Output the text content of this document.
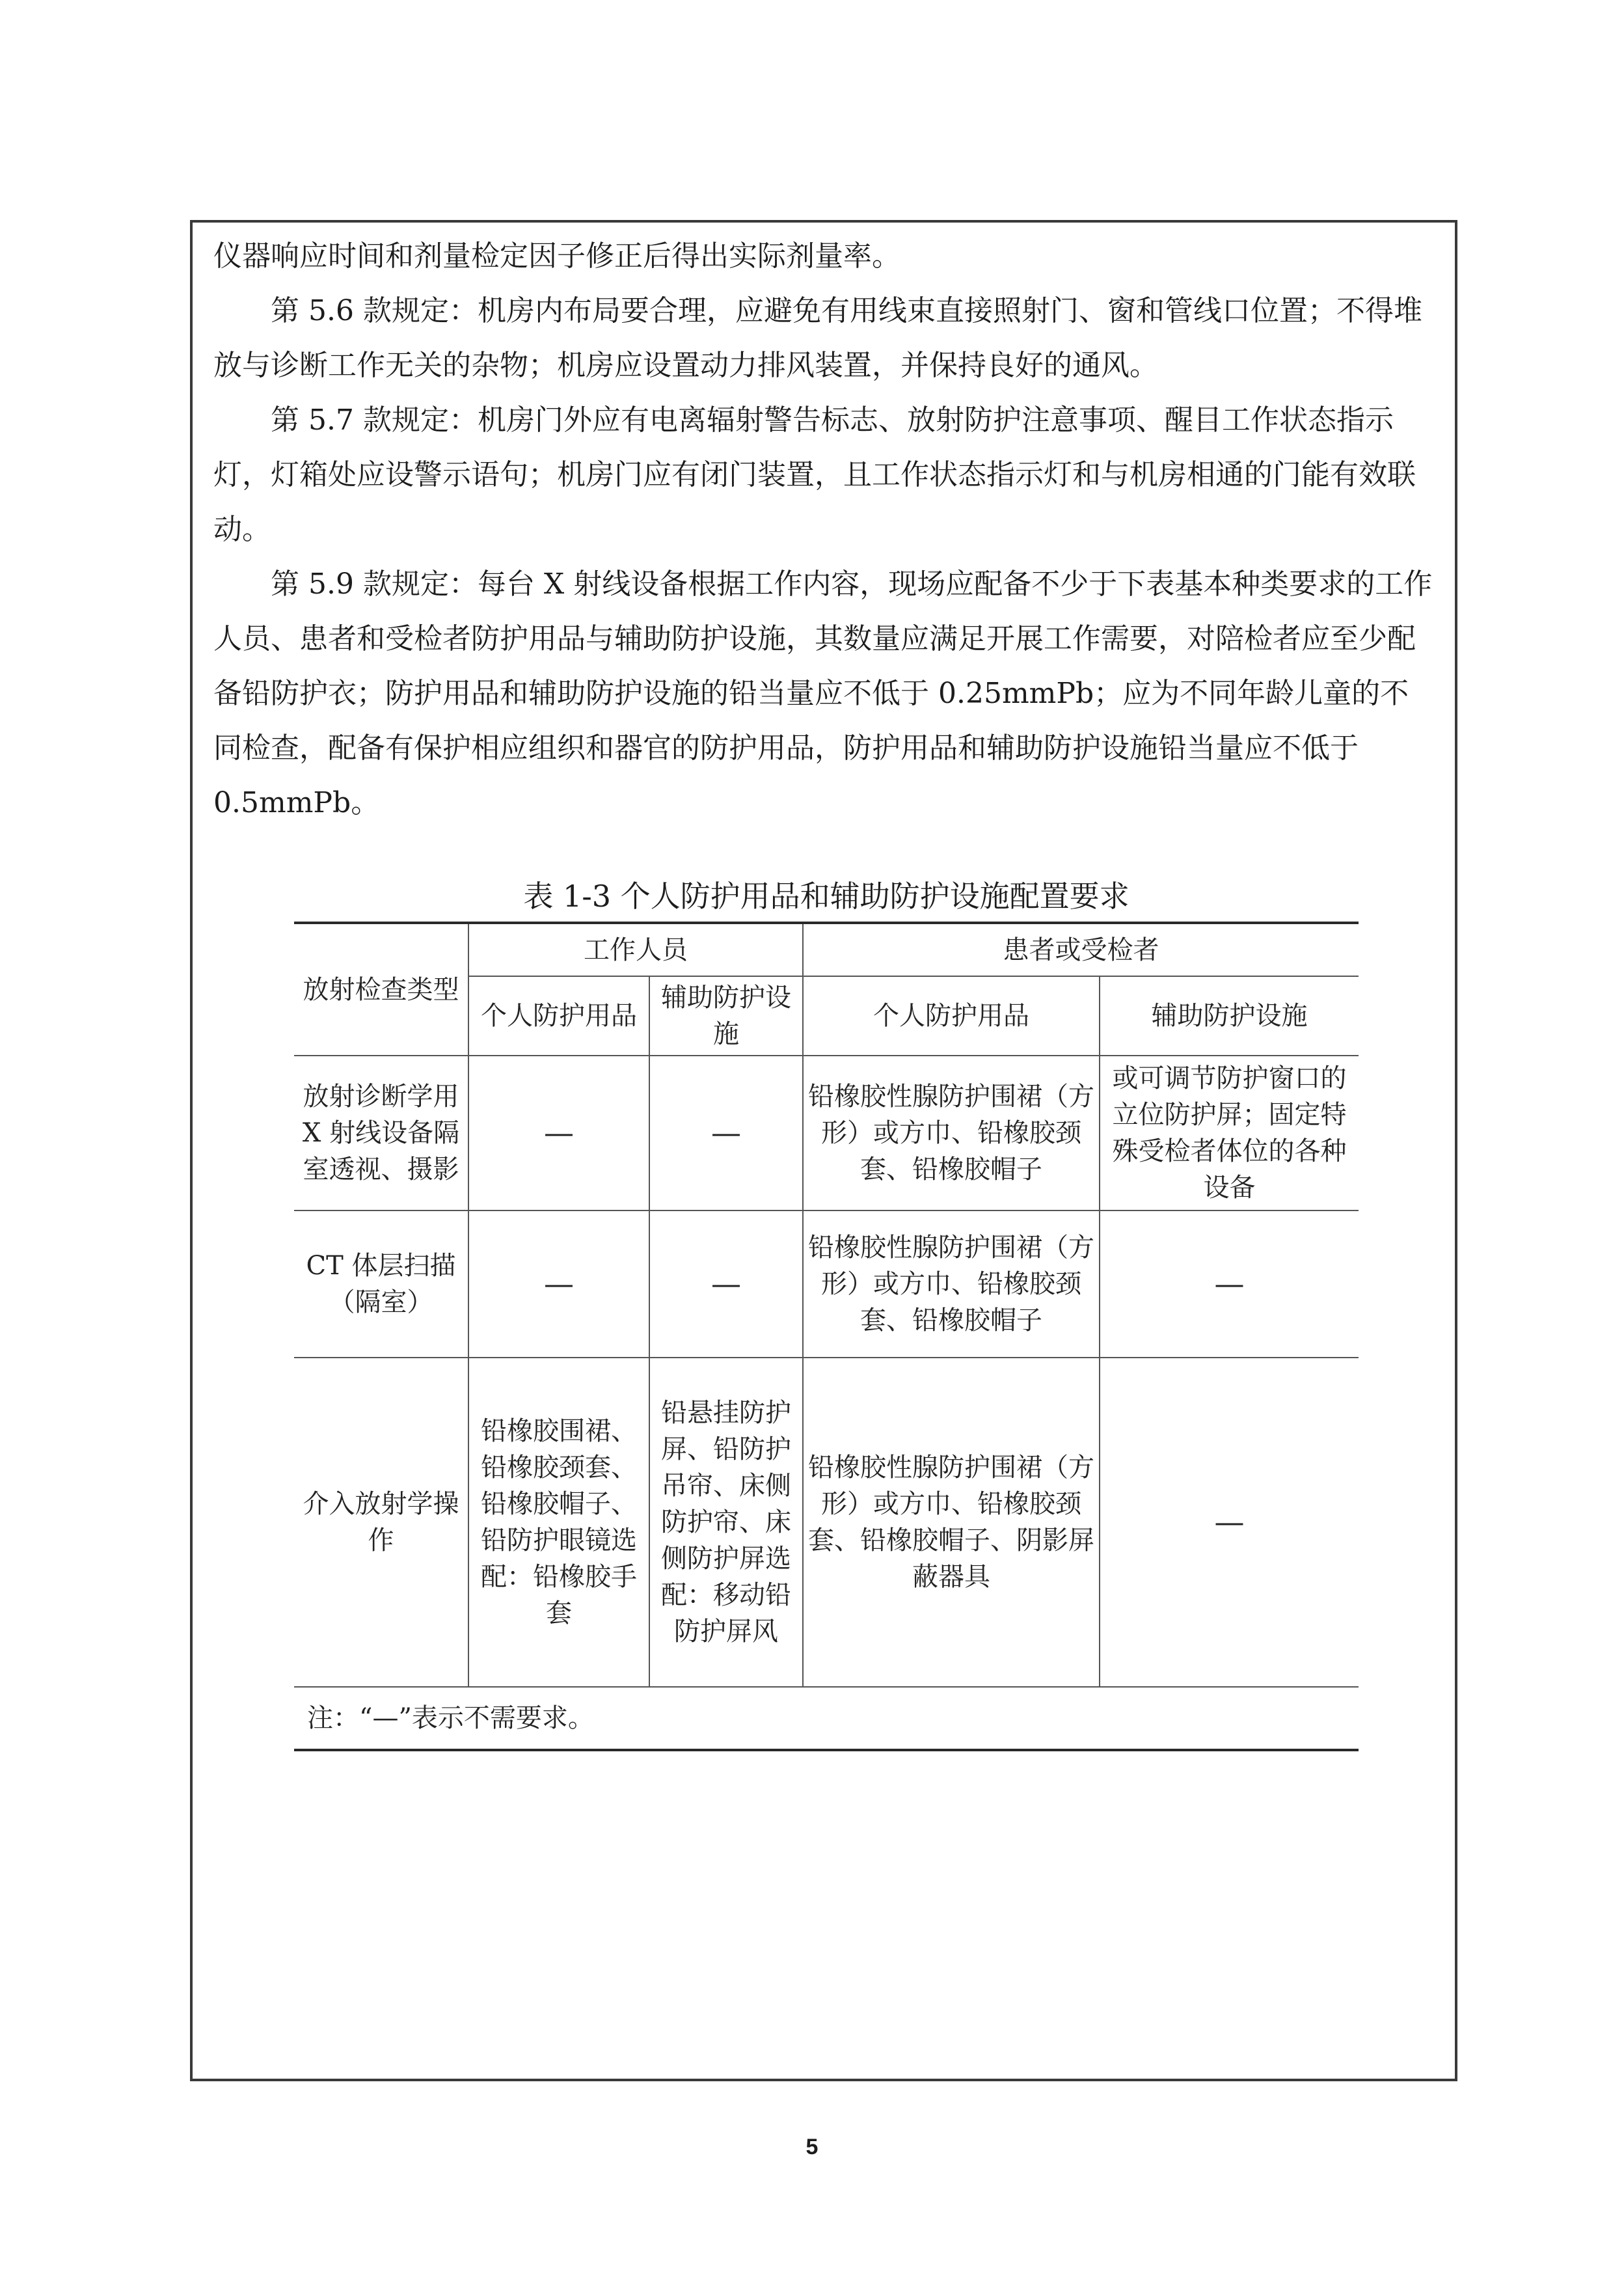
仪器响应时间和剂量检定因子修正后得出实际剂量率。

第 5.6 款规定：机房内布局要合理，应避免有用线束直接照射门、窗和管线口位置；不得堆放与诊断工作无关的杂物；机房应设置动力排风装置，并保持良好的通风。

第 5.7 款规定：机房门外应有电离辐射警告标志、放射防护注意事项、醒目工作状态指示灯，灯箱处应设警示语句；机房门应有闭门装置，且工作状态指示灯和与机房相通的门能有效联动。

第 5.9 款规定：每台 X 射线设备根据工作内容，现场应配备不少于下表基本种类要求的工作人员、患者和受检者防护用品与辅助防护设施，其数量应满足开展工作需要，对陪检者应至少配备铅防护衣；防护用品和辅助防护设施的铅当量应不低于 0.25mmPb；应为不同年龄儿童的不同检查，配备有保护相应组织和器官的防护用品，防护用品和辅助防护设施铅当量应不低于 0.5mmPb。

表 1-3 个人防护用品和辅助防护设施配置要求
放射检查类型	工作人员		患者或受检者	
	个人防护用品	辅助防护设施	个人防护用品	辅助防护设施
放射诊断学用 X 射线设备隔室透视、摄影	—	—	铅橡胶性腺防护围裙（方形）或方巾、铅橡胶颈套、铅橡胶帽子	或可调节防护窗口的立位防护屏；固定特殊受检者体位的各种设备
CT 体层扫描（隔室）	—	—	铅橡胶性腺防护围裙（方形）或方巾、铅橡胶颈套、铅橡胶帽子	—
介入放射学操作	铅橡胶围裙、铅橡胶颈套、铅橡胶帽子、铅防护眼镜选配：铅橡胶手套	铅悬挂防护屏、铅防护吊帘、床侧防护帘、床侧防护屏选配：移动铅防护屏风	铅橡胶性腺防护围裙（方形）或方巾、铅橡胶颈套、铅橡胶帽子、阴影屏蔽器具	—
注：“—”表示不需要求。				
5
